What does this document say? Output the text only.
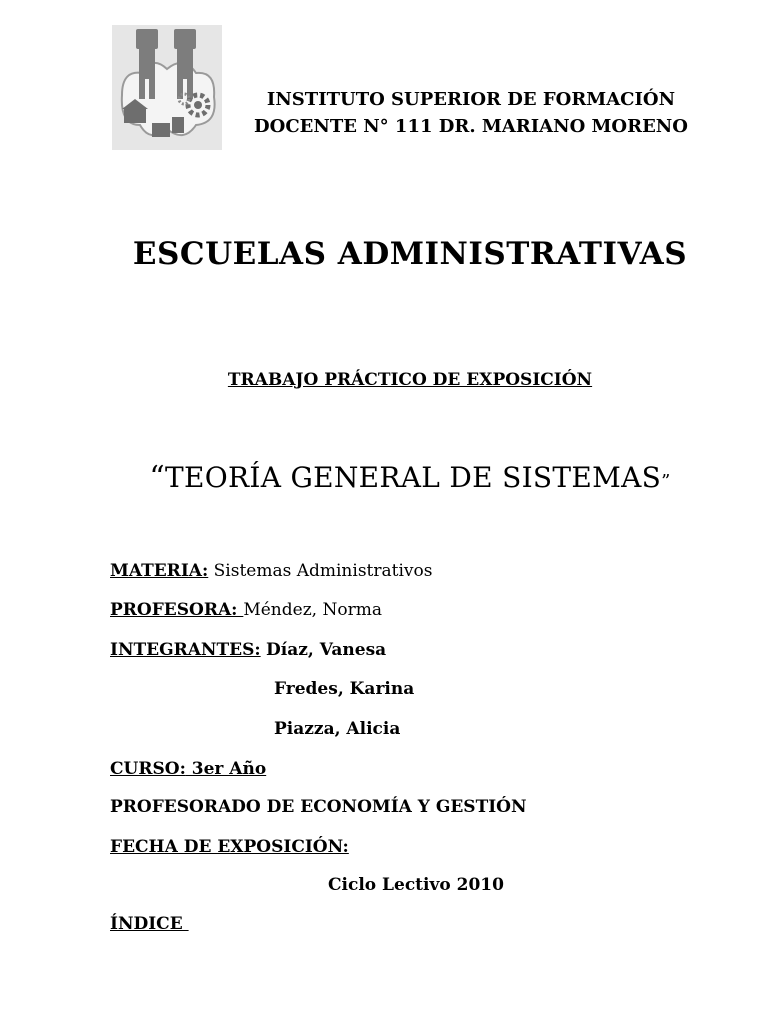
INSTITUTO SUPERIOR DE FORMACIÓN
DOCENTE N° 111 DR. MARIANO MORENO
ESCUELAS ADMINISTRATIVAS
TRABAJO PRÁCTICO DE EXPOSICIÓN
“TEORÍA GENERAL DE SISTEMAS”
MATERIA: Sistemas Administrativos
PROFESORA: Méndez, Norma
INTEGRANTES: Díaz, Vanesa
Fredes, Karina
Piazza, Alicia
CURSO: 3er Año
PROFESORADO DE ECONOMÍA Y GESTIÓN
FECHA DE EXPOSICIÓN:
Ciclo Lectivo 2010
ÍNDICE
